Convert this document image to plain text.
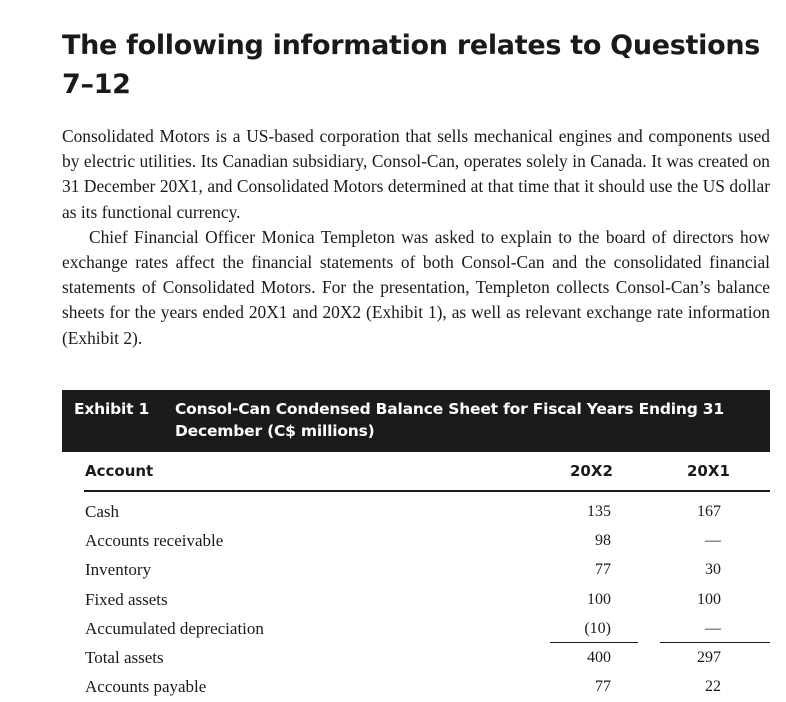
The following information relates to Questions 7–12

Consolidated Motors is a US-based corporation that sells mechanical engines and components used by electric utilities. Its Canadian subsidiary, Consol-Can, operates solely in Canada. It was created on 31 December 20X1, and Consolidated Motors determined at that time that it should use the US dollar as its functional currency.

Chief Financial Officer Monica Templeton was asked to explain to the board of directors how exchange rates affect the financial statements of both Consol-Can and the consolidated financial statements of Consolidated Motors. For the presentation, Templeton collects Consol-Can’s balance sheets for the years ended 20X1 and 20X2 (Exhibit 1), as well as relevant exchange rate information (Exhibit 2).

Exhibit 1 Consol-Can Condensed Balance Sheet for Fiscal Years Ending 31 December (C$ millions)
Account	20X2	20X1
Cash	135	167
Accounts receivable	98	—
Inventory	77	30
Fixed assets	100	100
Accumulated depreciation	(10)	—
Total assets	400	297
Accounts payable	77	22
